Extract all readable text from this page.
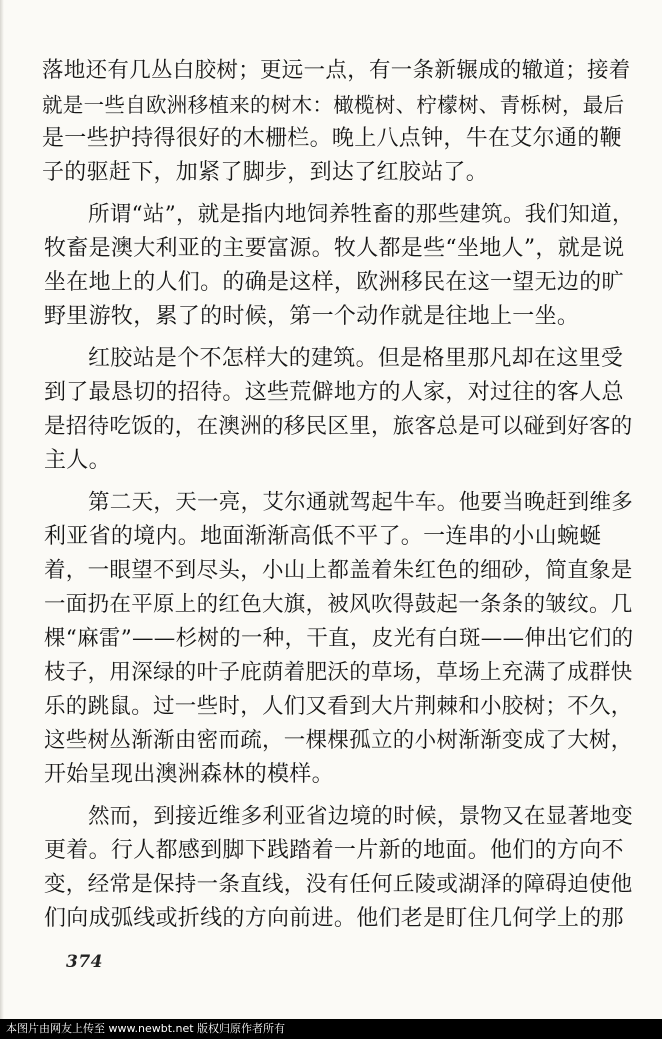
落地还有几丛白胶树；更远一点，有一条新辗成的辙道；接着
就是一些自欧洲移植来的树木：橄榄树、柠檬树、青栎树，最后
是一些护持得很好的木栅栏。晚上八点钟，牛在艾尔通的鞭
子的驱赶下，加紧了脚步，到达了红胶站了。
所谓“站”，就是指内地饲养牲畜的那些建筑。我们知道，
牧畜是澳大利亚的主要富源。牧人都是些“坐地人”，就是说
坐在地上的人们。的确是这样，欧洲移民在这一望无边的旷
野里游牧，累了的时候，第一个动作就是往地上一坐。
红胶站是个不怎样大的建筑。但是格里那凡却在这里受
到了最恳切的招待。这些荒僻地方的人家，对过往的客人总
是招待吃饭的，在澳洲的移民区里，旅客总是可以碰到好客的
主人。
第二天，天一亮，艾尔通就驾起牛车。他要当晚赶到维多
利亚省的境内。地面渐渐高低不平了。一连串的小山蜿蜒
着，一眼望不到尽头，小山上都盖着朱红色的细砂，简直象是
一面扔在平原上的红色大旗，被风吹得鼓起一条条的皱纹。几
棵“麻雷”——杉树的一种，干直，皮光有白斑——伸出它们的
枝子，用深绿的叶子庇荫着肥沃的草场，草场上充满了成群快
乐的跳鼠。过一些时，人们又看到大片荆棘和小胶树；不久，
这些树丛渐渐由密而疏，一棵棵孤立的小树渐渐变成了大树，
开始呈现出澳洲森林的模样。
然而，到接近维多利亚省边境的时候，景物又在显著地变
更着。行人都感到脚下践踏着一片新的地面。他们的方向不
变，经常是保持一条直线，没有任何丘陵或湖泽的障碍迫使他
们向成弧线或折线的方向前进。他们老是盯住几何学上的那
374
本图片由网友上传至 www.newbt.net 版权归原作者所有
